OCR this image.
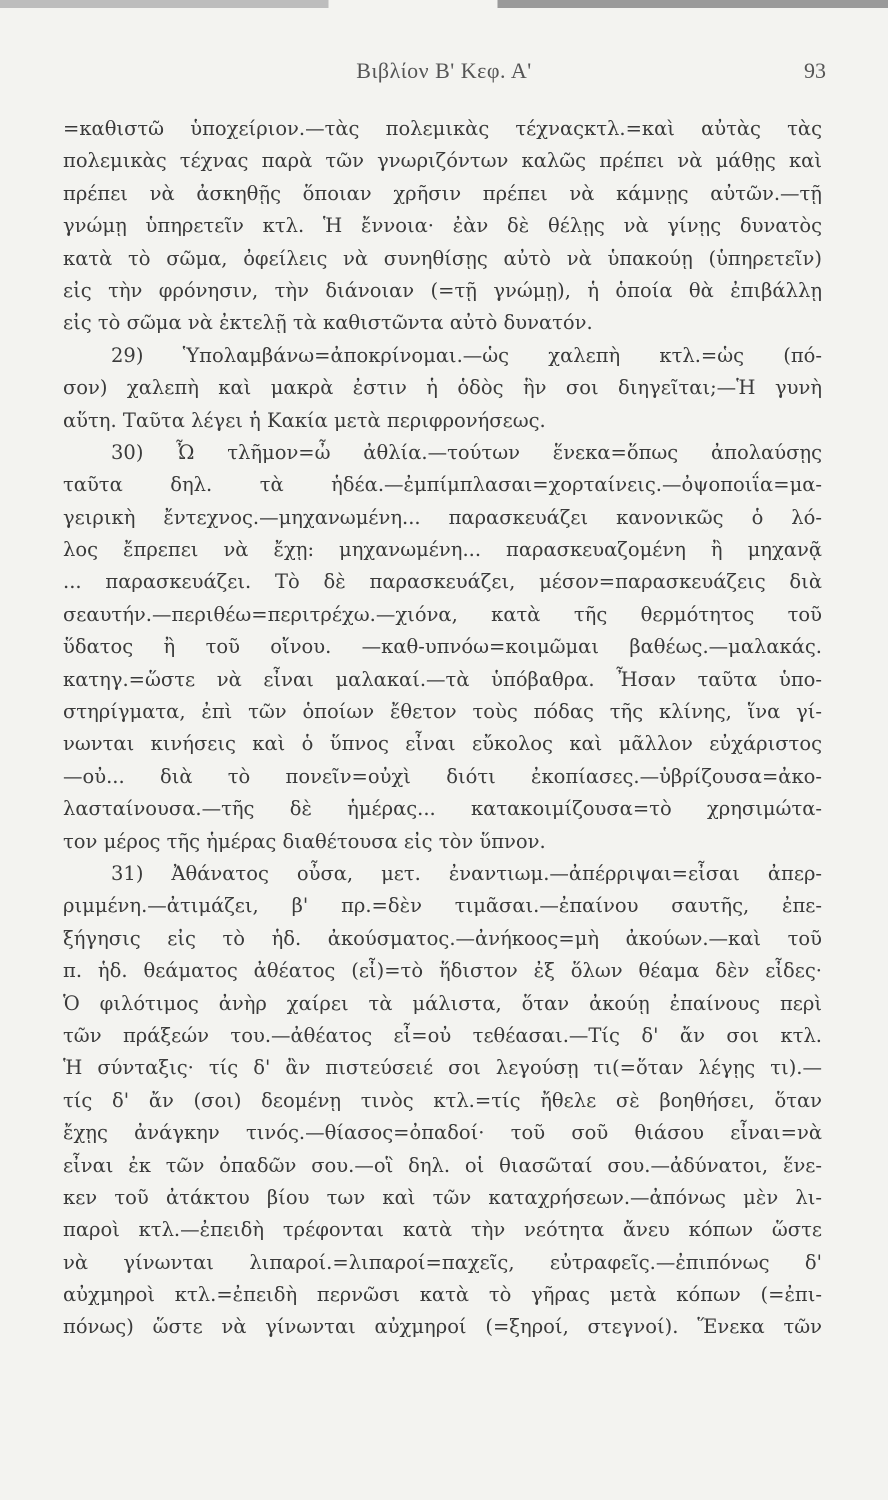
Βιβλίον Β' Κεφ. Α'	93
=καθιστῶ ὑποχείριον.—τὰς πολεμικὰς τέχναςκτλ.=καὶ αὐτὰς τὰς
πολεμικὰς τέχνας παρὰ τῶν γνωριζόντων καλῶς πρέπει νὰ μάθῃς καὶ
πρέπει νὰ ἀσκηθῇς ὅποιαν χρῆσιν πρέπει νὰ κάμνῃς αὐτῶν.—τῇ
γνώμῃ ὑπηρετεῖν κτλ. Ἡ ἔννοια· ἐὰν δὲ θέλῃς νὰ γίνῃς δυνατὸς
κατὰ τὸ σῶμα, ὀφείλεις νὰ συνηθίσῃς αὐτὸ νὰ ὑπακούῃ (ὑπηρετεῖν)
εἰς τὴν φρόνησιν, τὴν διάνοιαν (=τῇ γνώμῃ), ἡ ὁποία θὰ ἐπιβάλλῃ
εἰς τὸ σῶμα νὰ ἐκτελῇ τὰ καθιστῶντα αὐτὸ δυνατόν.
29) Ὑπολαμβάνω=ἀποκρίνομαι.—ὡς χαλεπὴ κτλ.=ὡς (πό-
σον) χαλεπὴ καὶ μακρὰ ἐστιν ἡ ὁδὸς ἣν σοι διηγεῖται;—Ἡ γυνὴ
αὕτη. Ταῦτα λέγει ἡ Κακία μετὰ περιφρονήσεως.
30) Ὦ τλῆμον=ὦ ἀθλία.—τούτων ἕνεκα=ὅπως ἀπολαύσῃς
ταῦτα δηλ. τὰ ἡδέα.—ἐμπίμπλασαι=χορταίνεις.—ὀψοποιΐα=μα-
γειρικὴ ἔντεχνος.—μηχανωμένη... παρασκευάζει κανονικῶς ὁ λό-
λος ἔπρεπει νὰ ἔχῃ: μηχανωμένη... παρασκευαζομένη ἢ μηχανᾷ
... παρασκευάζει. Τὸ δὲ παρασκευάζει, μέσον=παρασκευάζεις διὰ
σεαυτήν.—περιθέω=περιτρέχω.—χιόνα, κατὰ τῆς θερμότητος τοῦ
ὕδατος ἢ τοῦ οἴνου. —καθ-υπνόω=κοιμῶμαι βαθέως.—μαλακάς.
κατηγ.=ὥστε νὰ εἶναι μαλακαί.—τὰ ὑπόβαθρα. Ἦσαν ταῦτα ὑπο-
στηρίγματα, ἐπὶ τῶν ὁποίων ἔθετον τοὺς πόδας τῆς κλίνης, ἵνα γί-
νωνται κινήσεις καὶ ὁ ὕπνος εἶναι εὔκολος καὶ μᾶλλον εὐχάριστος
—οὐ... διὰ τὸ πονεῖν=οὐχὶ διότι ἐκοπίασες.—ὑβρίζουσα=ἀκο-
λασταίνουσα.—τῆς δὲ ἡμέρας... κατακοιμίζουσα=τὸ χρησιμώτα-
τον μέρος τῆς ἡμέρας διαθέτουσα εἰς τὸν ὕπνον.
31) Ἀθάνατος οὖσα, μετ. ἐναντιωμ.—ἀπέρριψαι=εἶσαι ἀπερ-
ριμμένη.—ἀτιμάζει, β' πρ.=δὲν τιμᾶσαι.—ἐπαίνου σαυτῆς, ἐπε-
ξήγησις εἰς τὸ ἡδ. ἀκούσματος.—ἀνήκοος=μὴ ἀκούων.—καὶ τοῦ
π. ἡδ. θεάματος ἀθέατος (εἶ)=τὸ ἥδιστον ἐξ ὅλων θέαμα δὲν εἶδες·
Ὁ φιλότιμος ἀνὴρ χαίρει τὰ μάλιστα, ὅταν ἀκούῃ ἐπαίνους περὶ
τῶν πράξεών του.—ἀθέατος εἶ=οὐ τεθέασαι.—Τίς δ' ἄν σοι κτλ.
Ἡ σύνταξις· τίς δ' ἂν πιστεύσειέ σοι λεγούσῃ τι(=ὅταν λέγῃς τι).—
τίς δ' ἄν (σοι) δεομένῃ τινὸς κτλ.=τίς ἤθελε σὲ βοηθήσει, ὅταν
ἔχῃς ἀνάγκην τινός.—θίασος=ὀπαδοί· τοῦ σοῦ θιάσου εἶναι=νὰ
εἶναι ἐκ τῶν ὀπαδῶν σου.—οἳ δηλ. οἱ θιασῶταί σου.—ἀδύνατοι, ἕνε-
κεν τοῦ ἀτάκτου βίου των καὶ τῶν καταχρήσεων.—ἀπόνως μὲν λι-
παροὶ κτλ.—ἐπειδὴ τρέφονται κατὰ τὴν νεότητα ἄνευ κόπων ὥστε
νὰ γίνωνται λιπαροί.=λιπαροί=παχεῖς, εὐτραφεῖς.—ἐπιπόνως δ'
αὐχμηροὶ κτλ.=ἐπειδὴ περνῶσι κατὰ τὸ γῆρας μετὰ κόπων (=ἐπι-
πόνως) ὥστε νὰ γίνωνται αὐχμηροί (=ξηροί, στεγνοί). Ἕνεκα τῶν
